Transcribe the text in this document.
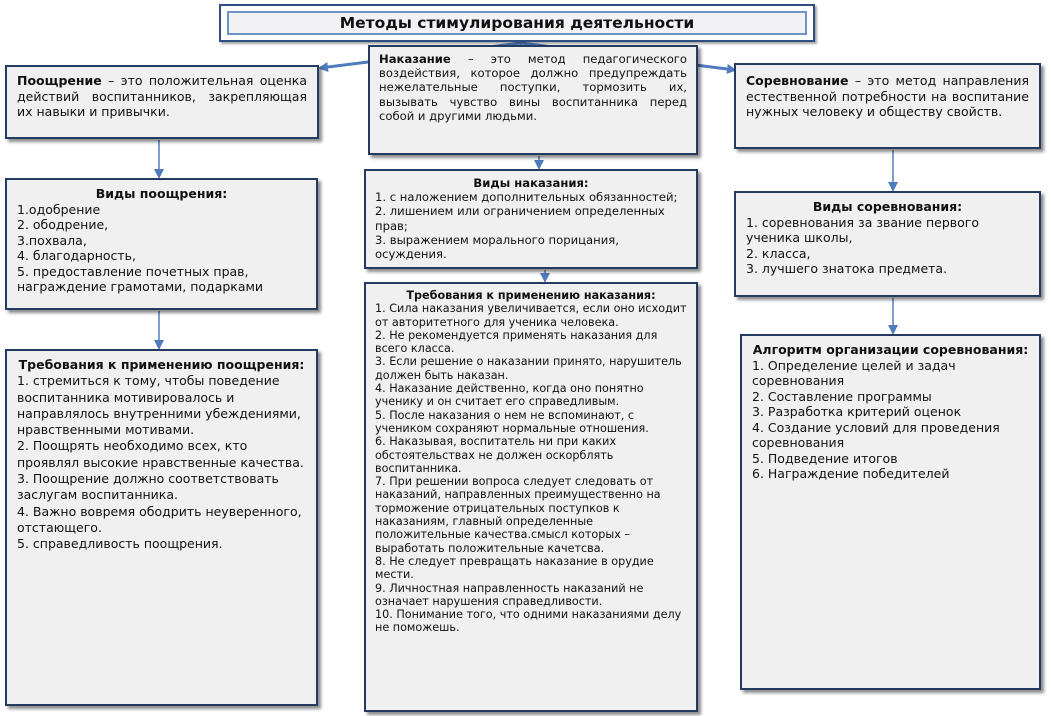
Методы стимулирования деятельности
Поощрение – это положительная оценка действий воспитанников, закрепляющая их навыки и привычки.
Виды поощрения:
1.одобрение
2. ободрение,
3.похвала,
4. благодарность,
5. предоставление почетных прав, награждение грамотами, подарками
Требования к применению поощрения:
1. стремиться к тому, чтобы поведение воспитанника мотивировалось и направлялось внутренними убеждениями, нравственными мотивами.
2. Поощрять необходимо всех, кто проявлял высокие нравственные качества.
3. Поощрение должно соответствовать заслугам воспитанника.
4. Важно вовремя ободрить неуверенного, отстающего.
5. справедливость поощрения.
Наказание – это метод педагогического воздействия, которое должно предупреждать нежелательные поступки, тормозить их, вызывать чувство вины воспитанника перед собой и другими людьми.
Виды наказания:
1. с наложением дополнительных обязанностей;
2. лишением или ограничением определенных прав;
3. выражением морального порицания, осуждения.
Требования к применению наказания:
1. Сила наказания увеличивается, если оно исходит от авторитетного для ученика человека.
2. Не рекомендуется применять наказания для всего класса.
3. Если решение о наказании принято, нарушитель должен быть наказан.
4. Наказание действенно, когда оно понятно ученику и он считает его справедливым.
5. После наказания о нем не вспоминают, с учеником сохраняют нормальные отношения.
6. Наказывая, воспитатель ни при каких обстоятельствах не должен оскорблять воспитанника.
7. При решении вопроса следует следовать от наказаний, направленных преимущественно на торможение отрицательных поступков к наказаниям, главный определенные положительные качества.смысл которых – выработать положительные качетсва.
8. Не следует превращать наказание в орудие мести.
9. Личностная направленность наказаний не означает нарушения справедливости.
10. Понимание того, что одними наказаниями делу не поможешь.
Соревнование – это метод направления естественной потребности на воспитание нужных человеку и обществу свойств.
Виды соревнования:
1. соревнования за звание первого ученика школы,
2. класса,
3. лучшего знатока предмета.
Алгоритм организации соревнования:
1. Определение целей и задач соревнования
2. Составление программы
3. Разработка критерий оценок
4. Создание условий для проведения соревнования
5. Подведение итогов
6. Награждение победителей
